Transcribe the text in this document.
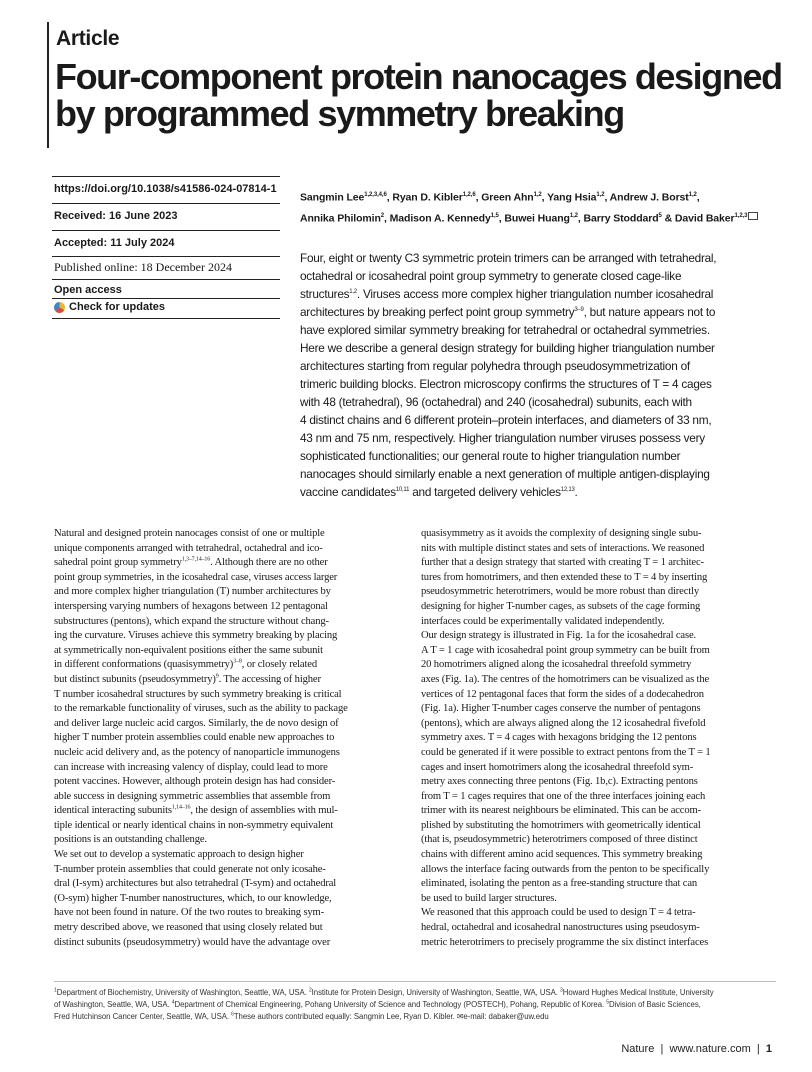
Article
Four-component protein nanocages designed
by programmed symmetry breaking
https://doi.org/10.1038/s41586-024-07814-1
Received: 16 June 2023
Accepted: 11 July 2024
Published online: 18 December 2024
Open access
Check for updates
Sangmin Lee$^{1,2,3,4,6}$, Ryan D. Kibler$^{1,2,6}$, Green Ahn$^{1,2}$, Yang Hsia$^{1,2}$, Andrew J. Borst$^{1,2}$,
Annika Philomin$^2$, Madison A. Kennedy$^{1,5}$, Buwei Huang$^{1,2}$, Barry Stoddard$^5$ & David Baker$^{1,2,3}$
Four, eight or twenty C3 symmetric protein trimers can be arranged with tetrahedral,
octahedral or icosahedral point group symmetry to generate closed cage-like
structures$^{1,2}$. Viruses access more complex higher triangulation number icosahedral
architectures by breaking perfect point group symmetry$^{3-9}$, but nature appears not to
have explored similar symmetry breaking for tetrahedral or octahedral symmetries.
Here we describe a general design strategy for building higher triangulation number
architectures starting from regular polyhedra through pseudosymmetrization of
trimeric building blocks. Electron microscopy confirms the structures of T = 4 cages
with 48 (tetrahedral), 96 (octahedral) and 240 (icosahedral) subunits, each with
4 distinct chains and 6 different protein–protein interfaces, and diameters of 33 nm,
43 nm and 75 nm, respectively. Higher triangulation number viruses possess very
sophisticated functionalities; our general route to higher triangulation number
nanocages should similarly enable a next generation of multiple antigen-displaying
vaccine candidates$^{10,11}$ and targeted delivery vehicles$^{12,13}$.
Natural and designed protein nanocages consist of one or multiple
unique components arranged with tetrahedral, octahedral and ico-
sahedral point group symmetry$^{1,3-7,14-16}$. Although there are no other
point group symmetries, in the icosahedral case, viruses access larger
and more complex higher triangulation (T) number architectures by
interspersing varying numbers of hexagons between 12 pentagonal
substructures (pentons), which expand the structure without chang-
ing the curvature. Viruses achieve this symmetry breaking by placing
at symmetrically non-equivalent positions either the same subunit
in different conformations (quasisymmetry)$^{3-8}$, or closely related
but distinct subunits (pseudosymmetry)$^9$. The accessing of higher
T number icosahedral structures by such symmetry breaking is critical
to the remarkable functionality of viruses, such as the ability to package
and deliver large nucleic acid cargos. Similarly, the de novo design of
higher T number protein assemblies could enable new approaches to
nucleic acid delivery and, as the potency of nanoparticle immunogens
can increase with increasing valency of display, could lead to more
potent vaccines. However, although protein design has had consider-
able success in designing symmetric assemblies that assemble from
identical interacting subunits$^{1,14-16}$, the design of assemblies with mul-
tiple identical or nearly identical chains in non-symmetry equivalent
positions is an outstanding challenge.
We set out to develop a systematic approach to design higher
T-number protein assemblies that could generate not only icosahe-
dral (I-sym) architectures but also tetrahedral (T-sym) and octahedral
(O-sym) higher T-number nanostructures, which, to our knowledge,
have not been found in nature. Of the two routes to breaking sym-
metry described above, we reasoned that using closely related but
distinct subunits (pseudosymmetry) would have the advantage over
quasisymmetry as it avoids the complexity of designing single subu-
nits with multiple distinct states and sets of interactions. We reasoned
further that a design strategy that started with creating T = 1 architec-
tures from homotrimers, and then extended these to T = 4 by inserting
pseudosymmetric heterotrimers, would be more robust than directly
designing for higher T-number cages, as subsets of the cage forming
interfaces could be experimentally validated independently.
Our design strategy is illustrated in Fig. 1a for the icosahedral case.
A T = 1 cage with icosahedral point group symmetry can be built from
20 homotrimers aligned along the icosahedral threefold symmetry
axes (Fig. 1a). The centres of the homotrimers can be visualized as the
vertices of 12 pentagonal faces that form the sides of a dodecahedron
(Fig. 1a). Higher T-number cages conserve the number of pentagons
(pentons), which are always aligned along the 12 icosahedral fivefold
symmetry axes. T = 4 cages with hexagons bridging the 12 pentons
could be generated if it were possible to extract pentons from the T = 1
cages and insert homotrimers along the icosahedral threefold sym-
metry axes connecting three pentons (Fig. 1b,c). Extracting pentons
from T = 1 cages requires that one of the three interfaces joining each
trimer with its nearest neighbours be eliminated. This can be accom-
plished by substituting the homotrimers with geometrically identical
(that is, pseudosymmetric) heterotrimers composed of three distinct
chains with different amino acid sequences. This symmetry breaking
allows the interface facing outwards from the penton to be specifically
eliminated, isolating the penton as a free-standing structure that can
be used to build larger structures.
We reasoned that this approach could be used to design T = 4 tetra-
hedral, octahedral and icosahedral nanostructures using pseudosym-
metric heterotrimers to precisely programme the six distinct interfaces
$^1$Department of Biochemistry, University of Washington, Seattle, WA, USA. $^2$Institute for Protein Design, University of Washington, Seattle, WA, USA. $^3$Howard Hughes Medical Institute, University
of Washington, Seattle, WA, USA. $^4$Department of Chemical Engineering, Pohang University of Science and Technology (POSTECH), Pohang, Republic of Korea. $^5$Division of Basic Sciences,
Fred Hutchinson Cancer Center, Seattle, WA, USA. $^6$These authors contributed equally: Sangmin Lee, Ryan D. Kibler. ✉e-mail: dabaker@uw.edu
Nature | www.nature.com | 1
